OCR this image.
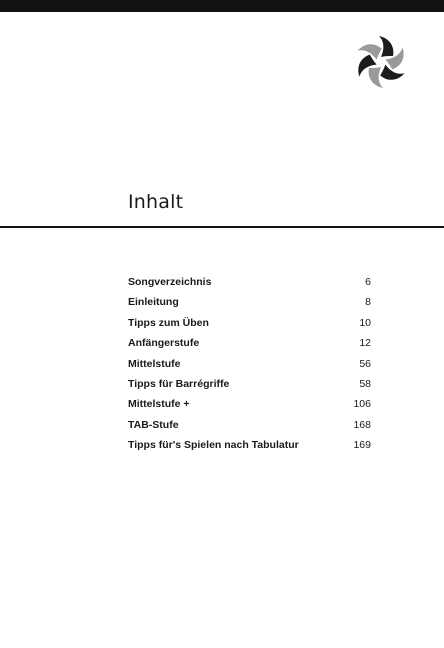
Inhalt
Songverzeichnis	6
Einleitung	8
Tipps zum Üben	10
Anfängerstufe	12
Mittelstufe	56
Tipps für Barrégriffe	58
Mittelstufe +	106
TAB-Stufe	168
Tipps für's Spielen nach Tabulatur	169
